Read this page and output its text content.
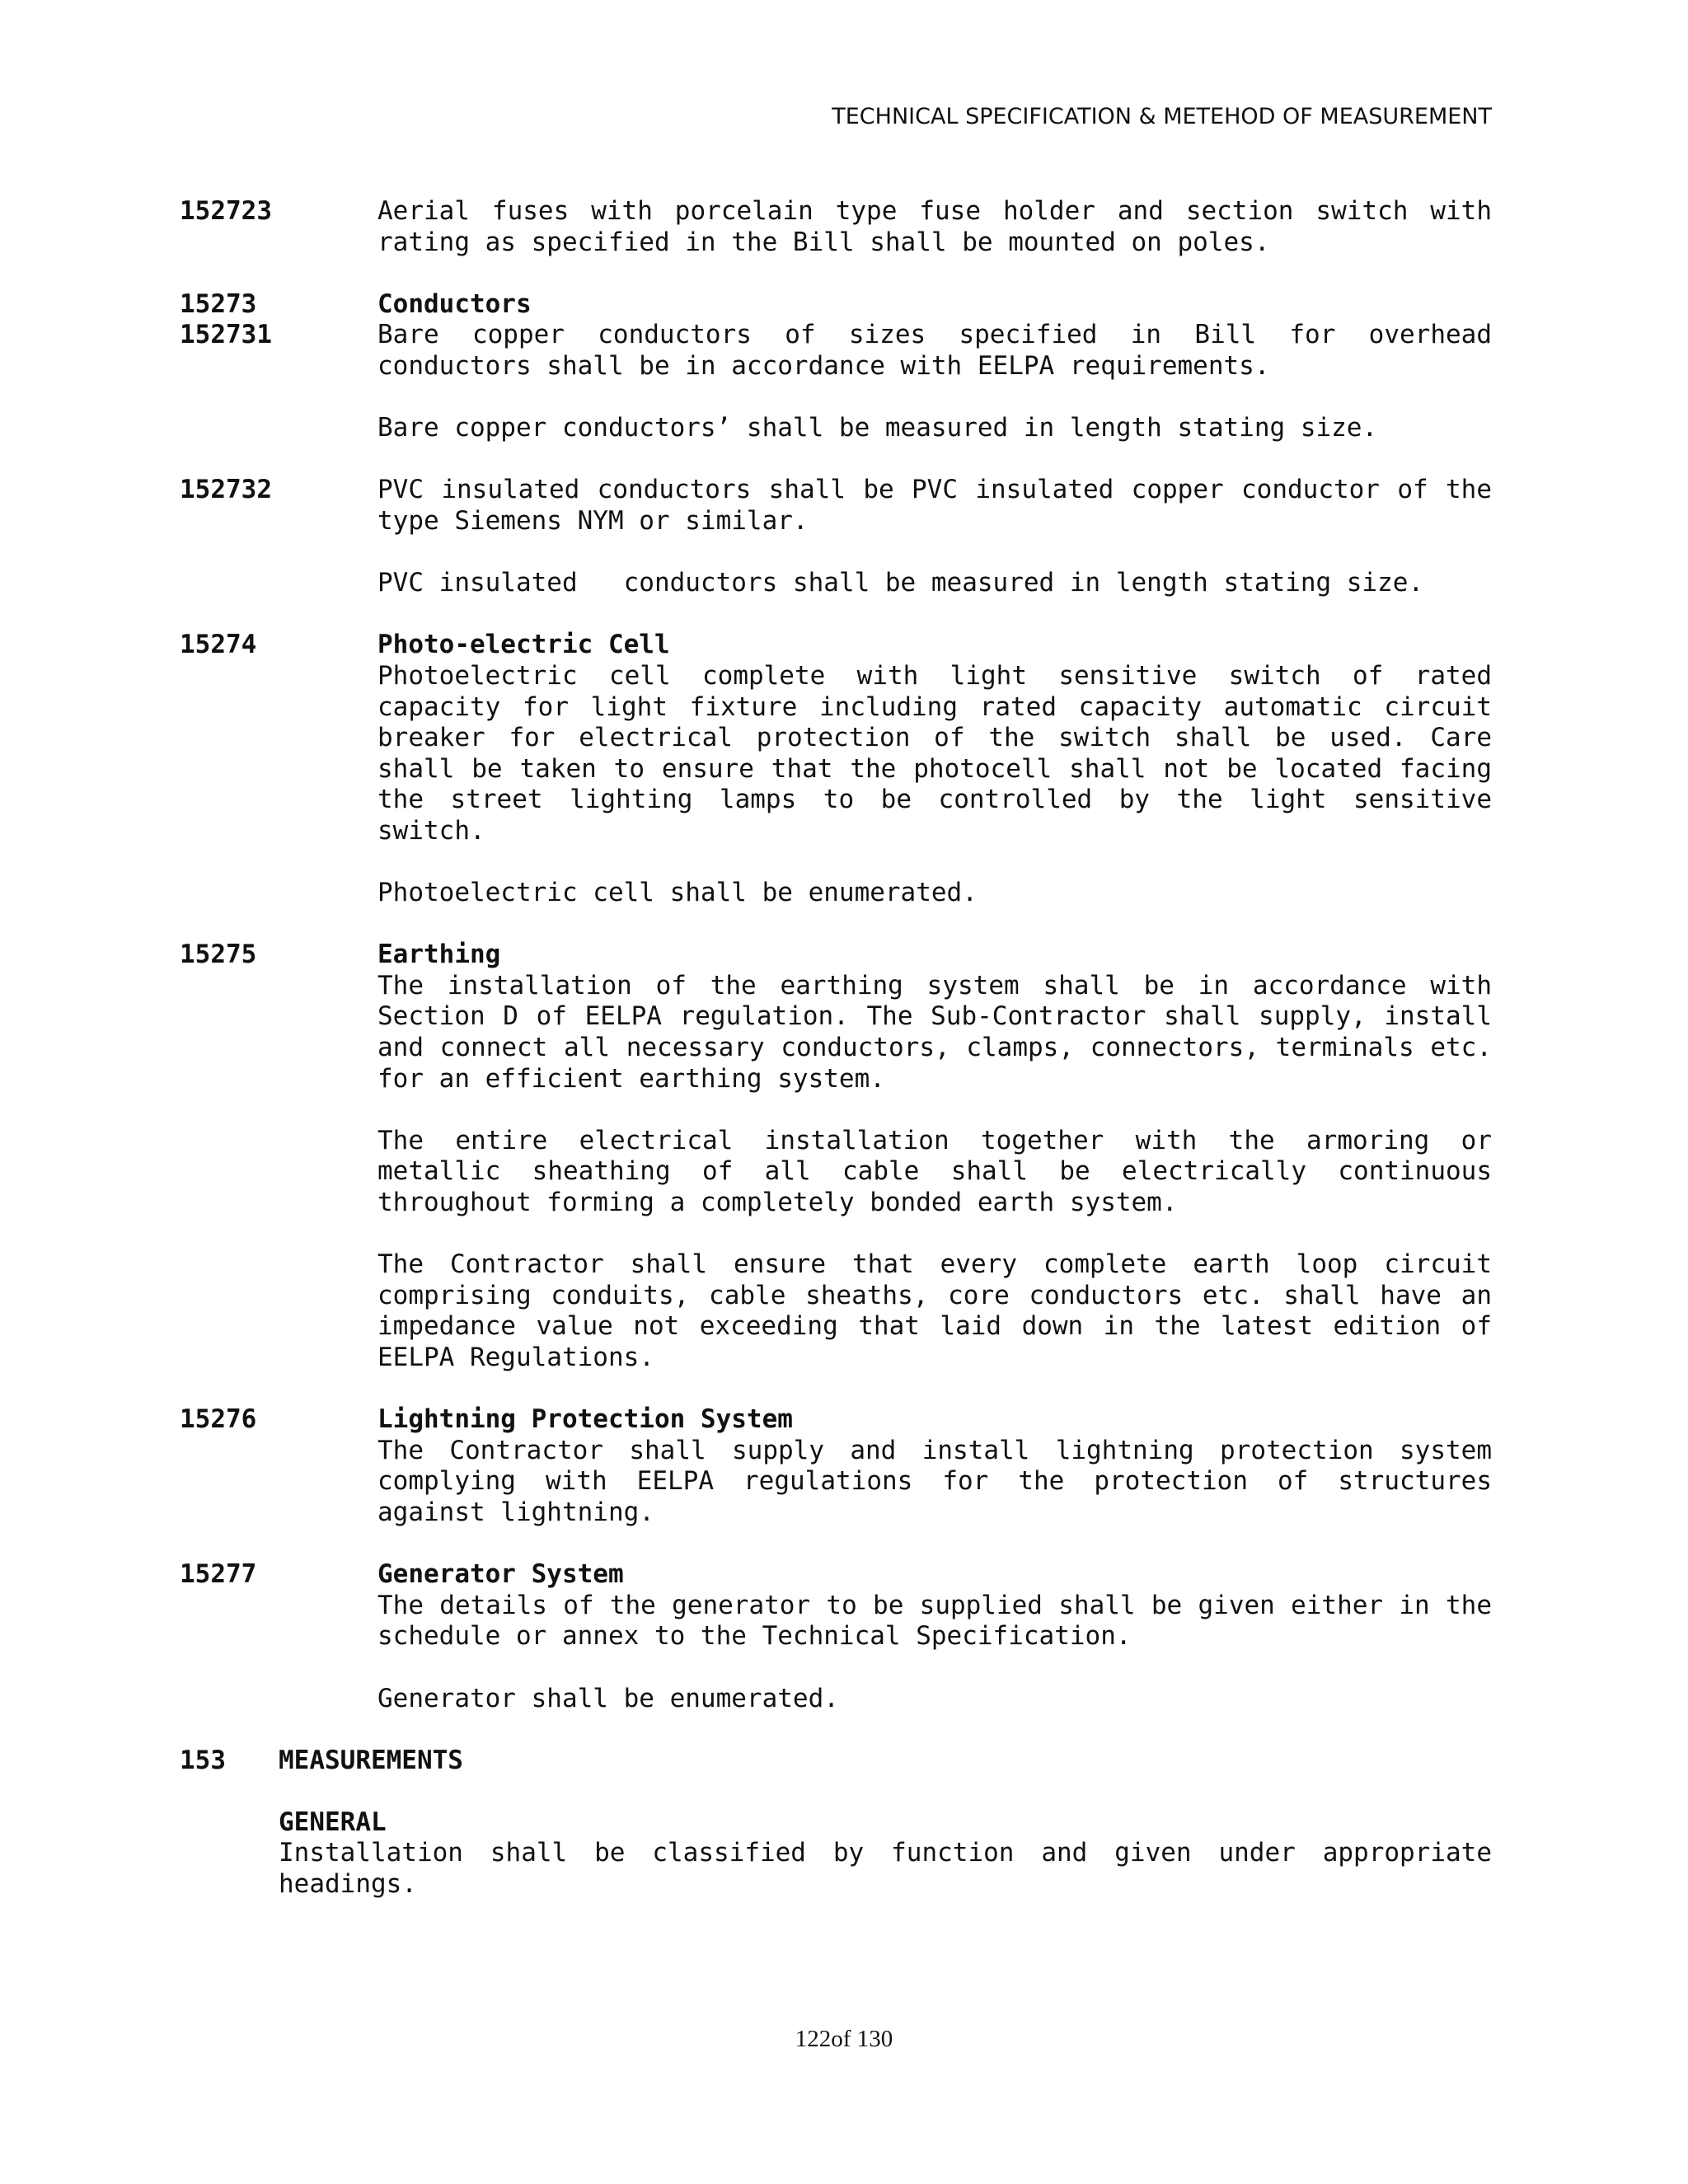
TECHNICAL SPECIFICATION & METEHOD OF MEASUREMENT
152723	Aerial fuses with porcelain type fuse holder and section switch with rating as specified in the Bill shall be mounted on poles.
15273	Conductors
152731	Bare copper conductors of sizes specified in Bill for overhead conductors shall be in accordance with EELPA requirements.
Bare copper conductors’ shall be measured in length stating size.
152732	PVC insulated conductors shall be PVC insulated copper conductor of the type Siemens NYM or similar.
PVC insulated   conductors shall be measured in length stating size.
15274	Photo-electric Cell
Photoelectric cell complete with light sensitive switch of rated capacity for light fixture including rated capacity automatic circuit breaker for electrical protection of the switch shall be used. Care shall be taken to ensure that the photocell shall not be located facing the street lighting lamps to be controlled by the light sensitive switch.
Photoelectric cell shall be enumerated.
15275	Earthing
The installation of the earthing system shall be in accordance with Section D of EELPA regulation. The Sub-Contractor shall supply, install and connect all necessary conductors, clamps, connectors, terminals etc. for an efficient earthing system.
The entire electrical installation together with the armoring or metallic sheathing of all cable shall be electrically continuous throughout forming a completely bonded earth system.
The Contractor shall ensure that every complete earth loop circuit comprising conduits, cable sheaths, core conductors etc. shall have an impedance value not exceeding that laid down in the latest edition of EELPA Regulations.
15276	Lightning Protection System
The Contractor shall supply and install lightning protection system complying with EELPA regulations for the protection of structures against lightning.
15277	Generator System
The details of the generator to be supplied shall be given either in the schedule or annex to the Technical Specification.
Generator shall be enumerated.
153 MEASUREMENTS
GENERAL
Installation shall be classified by function and given under appropriate headings.
122of 130
